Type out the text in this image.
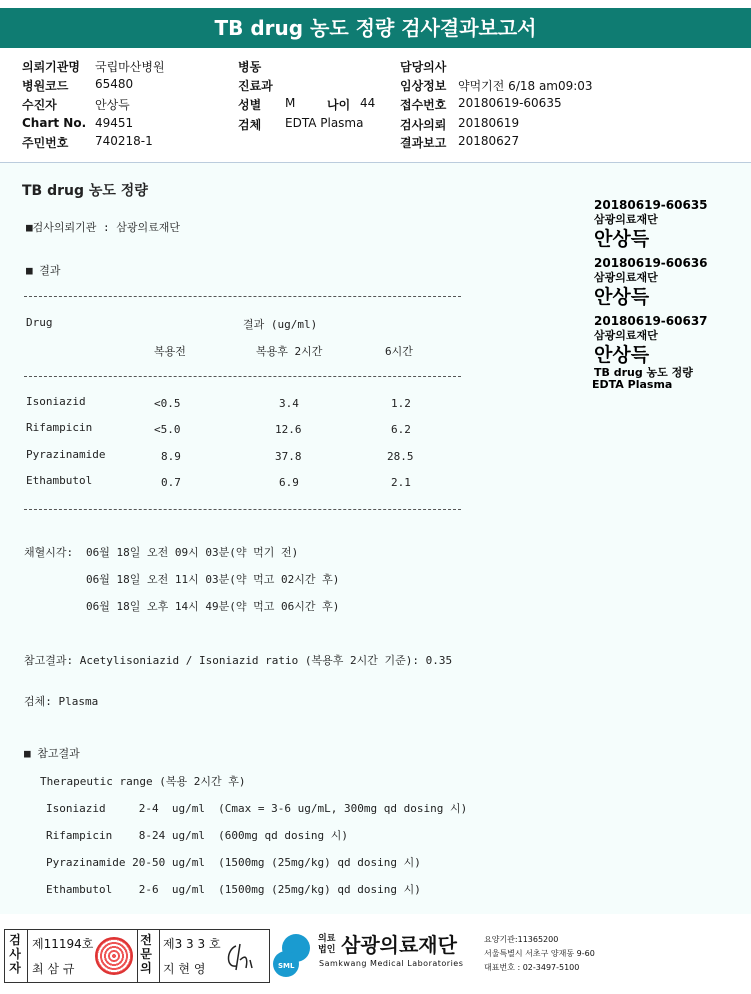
TB drug 농도 정량 검사결과보고서
의뢰기관명 국립마산병원
병원코드 65480
수진자	안상득
Chart No. 49451
주민번호 740218-1
병동
진료과
성별 M	나이 44
검체 EDTA Plasma
담당의사
임상정보 약먹기전 6/18 am09:03
접수번호 20180619-60635
검사의뢰 20180619
결과보고 20180627
TB drug 농도 정량
■검사의뢰기관 : 삼광의료재단
■ 결과
Drug	결과 (ug/ml)
복용전	복용후 2시간	6시간
Isoniazid	<0.5	3.4	1.2
Rifampicin	<5.0	12.6	6.2
Pyrazinamide	8.9	37.8	28.5
Ethambutol	0.7	6.9	2.1
채혈시각: 06월 18일 오전 09시 03분(약 먹기 전)
06월 18일 오전 11시 03분(약 먹고 02시간 후)
06월 18일 오후 14시 49분(약 먹고 06시간 후)
참고결과: Acetylisoniazid / Isoniazid ratio (복용후 2시간 기준): 0.35
검체: Plasma
■ 참고결과
Therapeutic range (복용 2시간 후)
Isoniazid     2-4  ug/ml  (Cmax = 3-6 ug/mL, 300mg qd dosing 시)
Rifampicin    8-24 ug/ml  (600mg qd dosing 시)
Pyrazinamide 20-50 ug/ml  (1500mg (25mg/kg) qd dosing 시)
Ethambutol    2-6  ug/ml  (1500mg (25mg/kg) qd dosing 시)
20180619-60635
삼광의료재단
안상득
20180619-60636
삼광의료재단
안상득
20180619-60637
삼광의료재단
안상득
TB drug 농도 정량
EDTA Plasma
검사자
제11194호
최 삼 규
전문의
제3 3 3 호
지 현 영	SML
의료법인 삼광의료재단
Samkwang Medical Laboratories
요양기관:11365200
서울특별시 서초구 양재동 9-60
대표번호 : 02-3497-5100
